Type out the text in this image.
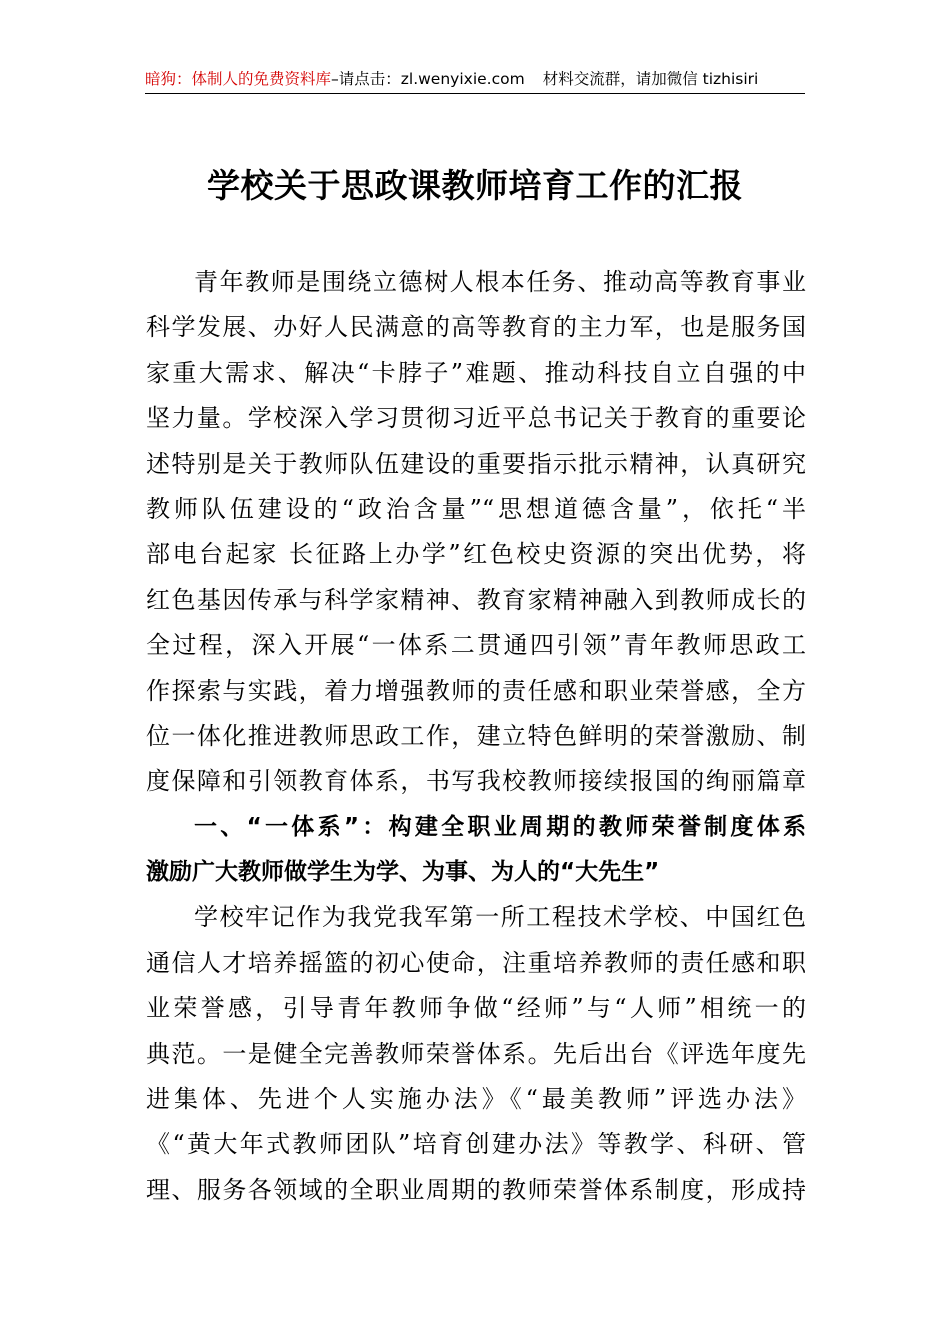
暗狗：体制人的免费资料库–请点击：zl.wenyixie.com 材料交流群，请加微信 tizhisiri
学校关于思政课教师培育工作的汇报
青年教师是围绕立德树人根本任务、推动高等教育事业
科学发展、办好人民满意的高等教育的主力军，也是服务国
家重大需求、解决“卡脖子”难题、推动科技自立自强的中
坚力量。学校深入学习贯彻习近平总书记关于教育的重要论
述特别是关于教师队伍建设的重要指示批示精神，认真研究
教师队伍建设的“政治含量”“思想道德含量”，依托“半
部电台起家 长征路上办学”红色校史资源的突出优势，将
红色基因传承与科学家精神、教育家精神融入到教师成长的
全过程，深入开展“一体系二贯通四引领”青年教师思政工
作探索与实践，着力增强教师的责任感和职业荣誉感，全方
位一体化推进教师思政工作，建立特色鲜明的荣誉激励、制
度保障和引领教育体系，书写我校教师接续报国的绚丽篇章
一、“一体系”：构建全职业周期的教师荣誉制度体系
激励广大教师做学生为学、为事、为人的“大先生”
学校牢记作为我党我军第一所工程技术学校、中国红色
通信人才培养摇篮的初心使命，注重培养教师的责任感和职
业荣誉感，引导青年教师争做“经师”与“人师”相统一的
典范。一是健全完善教师荣誉体系。先后出台《评选年度先
进集体、先进个人实施办法》《“最美教师”评选办法》
《“黄大年式教师团队”培育创建办法》等教学、科研、管
理、服务各领域的全职业周期的教师荣誉体系制度，形成持
